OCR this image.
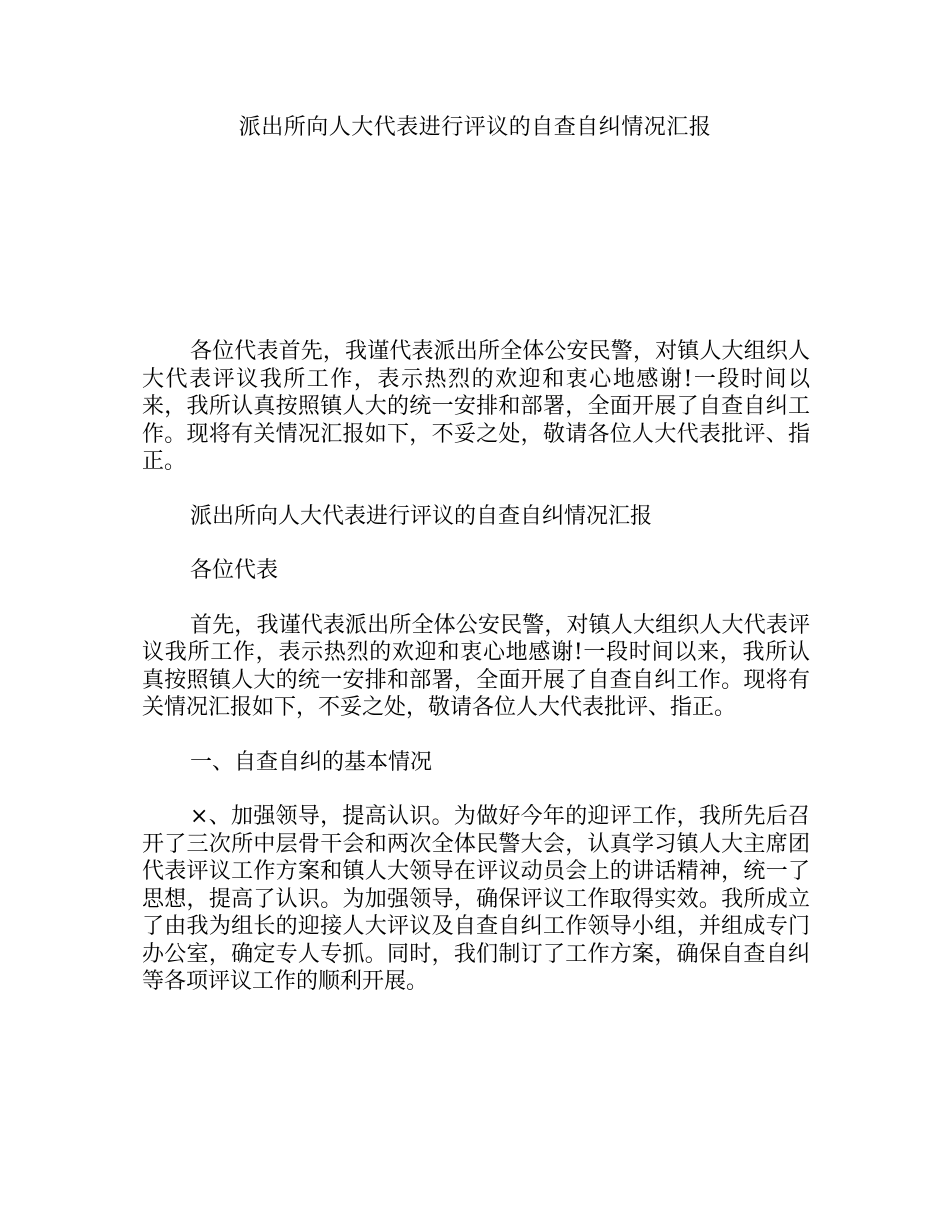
派出所向人大代表进行评议的自查自纠情况汇报

各位代表首先，我谨代表派出所全体公安民警，对镇人大组织人大代表评议我所工作，表示热烈的欢迎和衷心地感谢!一段时间以来，我所认真按照镇人大的统一安排和部署，全面开展了自查自纠工作。现将有关情况汇报如下，不妥之处，敬请各位人大代表批评、指正。

派出所向人大代表进行评议的自查自纠情况汇报

各位代表

首先，我谨代表派出所全体公安民警，对镇人大组织人大代表评议我所工作，表示热烈的欢迎和衷心地感谢!一段时间以来，我所认真按照镇人大的统一安排和部署，全面开展了自查自纠工作。现将有关情况汇报如下，不妥之处，敬请各位人大代表批评、指正。

一、自查自纠的基本情况

×、加强领导，提高认识。为做好今年的迎评工作，我所先后召开了三次所中层骨干会和两次全体民警大会，认真学习镇人大主席团代表评议工作方案和镇人大领导在评议动员会上的讲话精神，统一了思想，提高了认识。为加强领导，确保评议工作取得实效。我所成立了由我为组长的迎接人大评议及自查自纠工作领导小组，并组成专门办公室，确定专人专抓。同时，我们制订了工作方案，确保自查自纠等各项评议工作的顺利开展。
